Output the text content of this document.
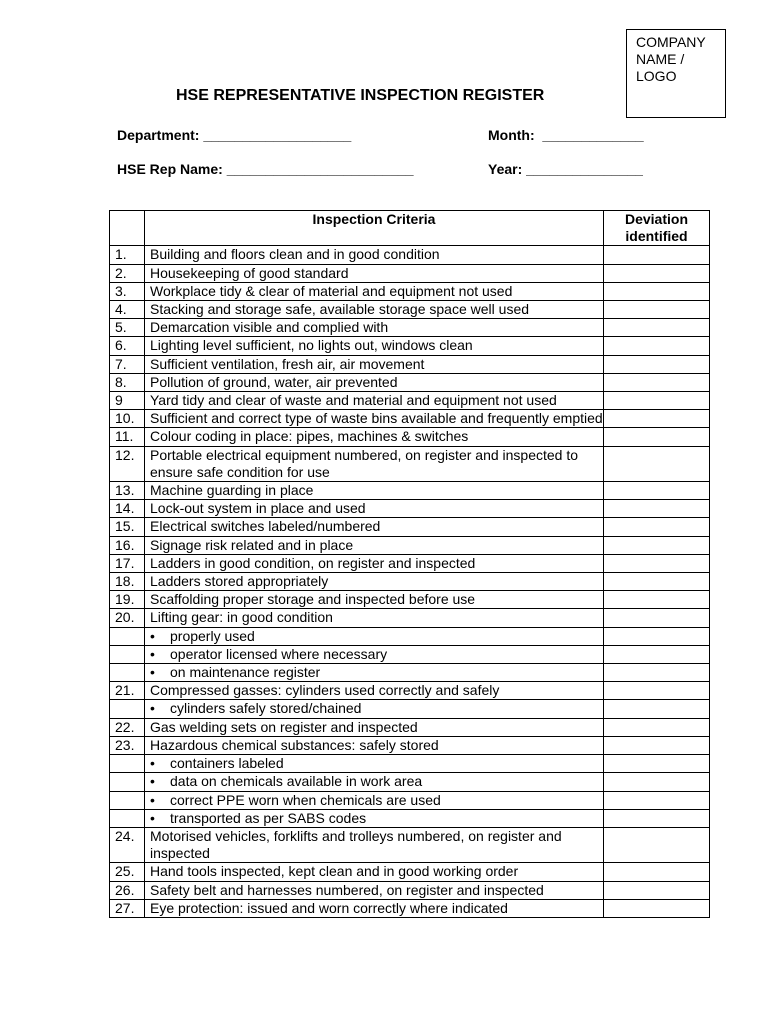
COMPANY
NAME /
LOGO
HSE REPRESENTATIVE INSPECTION REGISTER
Department: ___________________	Month:  _____________
HSE Rep Name: ________________________	Year: _______________
	Inspection Criteria	Deviation identified
1.	Building and floors clean and in good condition	
2.	Housekeeping of good standard	
3.	Workplace tidy & clear of material and equipment not used	
4.	Stacking and storage safe, available storage space well used	
5.	Demarcation visible and complied with	
6.	Lighting level sufficient, no lights out, windows clean	
7.	Sufficient ventilation, fresh air, air movement	
8.	Pollution of ground, water, air prevented	
9	Yard tidy and clear of waste and material and equipment not used	
10.	Sufficient and correct type of waste bins available and frequently emptied	
11.	Colour coding in place: pipes, machines & switches	
12.	Portable electrical equipment numbered, on register and inspected to ensure safe condition for use	
13.	Machine guarding in place	
14.	Lock-out system in place and used	
15.	Electrical switches labeled/numbered	
16.	Signage risk related and in place	
17.	Ladders in good condition, on register and inspected	
18.	Ladders stored appropriately	
19.	Scaffolding proper storage and inspected before use	
20.	Lifting gear: in good condition	
	• properly used	
	• operator licensed where necessary	
	• on maintenance register	
21.	Compressed gasses: cylinders used correctly and safely	
	• cylinders safely stored/chained	
22.	Gas welding sets on register and inspected	
23.	Hazardous chemical substances: safely stored	
	• containers labeled	
	• data on chemicals available in work area	
	• correct PPE worn when chemicals are used	
	• transported as per SABS codes	
24.	Motorised vehicles, forklifts and trolleys numbered, on register and inspected	
25.	Hand tools inspected, kept clean and in good working order	
26.	Safety belt and harnesses numbered, on register and inspected	
27.	Eye protection: issued and worn correctly where indicated	
